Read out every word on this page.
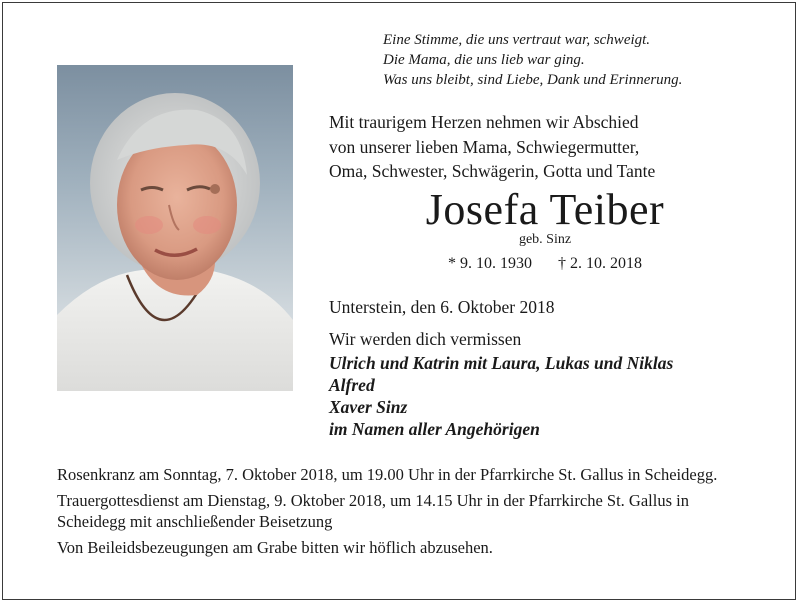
Eine Stimme, die uns vertraut war, schweigt.
Die Mama, die uns lieb war ging.
Was uns bleibt, sind Liebe, Dank und Erinnerung.
Mit traurigem Herzen nehmen wir Abschied
von unserer lieben Mama, Schwiegermutter,
Oma, Schwester, Schwägerin, Gotta und Tante
Josefa Teiber
geb. Sinz
* 9. 10. 1930 † 2. 10. 2018
Unterstein, den 6. Oktober 2018
Wir werden dich vermissen
Ulrich und Katrin mit Laura, Lukas und Niklas
Alfred
Xaver Sinz
im Namen aller Angehörigen

Rosenkranz am Sonntag, 7. Oktober 2018, um 19.00 Uhr in der Pfarrkirche St. Gallus in Scheidegg.

Trauergottesdienst am Dienstag, 9. Oktober 2018, um 14.15 Uhr in der Pfarrkirche St. Gallus in Scheidegg mit anschließender Beisetzung

Von Beileidsbezeugungen am Grabe bitten wir höflich abzusehen.
